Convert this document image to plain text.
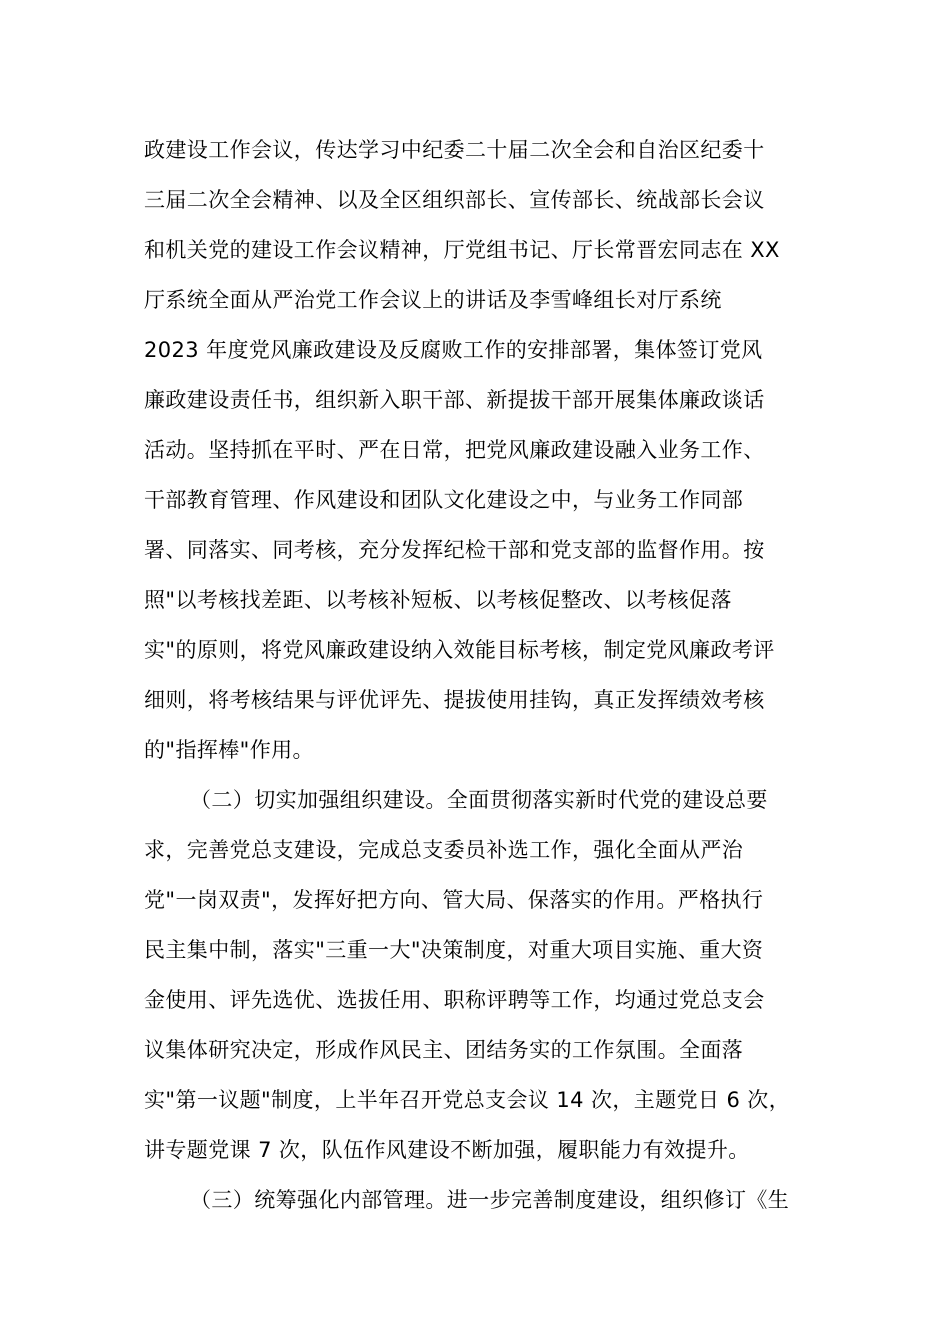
政建设工作会议，传达学习中纪委二十届二次全会和自治区纪委十
三届二次全会精神、以及全区组织部长、宣传部长、统战部长会议
和机关党的建设工作会议精神，厅党组书记、厅长常晋宏同志在 XX
厅系统全面从严治党工作会议上的讲话及李雪峰组长对厅系统
2023 年度党风廉政建设及反腐败工作的安排部署，集体签订党风
廉政建设责任书，组织新入职干部、新提拔干部开展集体廉政谈话
活动。坚持抓在平时、严在日常，把党风廉政建设融入业务工作、
干部教育管理、作风建设和团队文化建设之中，与业务工作同部
署、同落实、同考核，充分发挥纪检干部和党支部的监督作用。按
照"以考核找差距、以考核补短板、以考核促整改、以考核促落
实"的原则，将党风廉政建设纳入效能目标考核，制定党风廉政考评
细则，将考核结果与评优评先、提拔使用挂钩，真正发挥绩效考核
的"指挥棒"作用。
（二）切实加强组织建设。全面贯彻落实新时代党的建设总要
求，完善党总支建设，完成总支委员补选工作，强化全面从严治
党"一岗双责"，发挥好把方向、管大局、保落实的作用。严格执行
民主集中制，落实"三重一大"决策制度，对重大项目实施、重大资
金使用、评先选优、选拔任用、职称评聘等工作，均通过党总支会
议集体研究决定，形成作风民主、团结务实的工作氛围。全面落
实"第一议题"制度，上半年召开党总支会议 14 次，主题党日 6 次，
讲专题党课 7 次，队伍作风建设不断加强，履职能力有效提升。
（三）统筹强化内部管理。进一步完善制度建设，组织修订《生
